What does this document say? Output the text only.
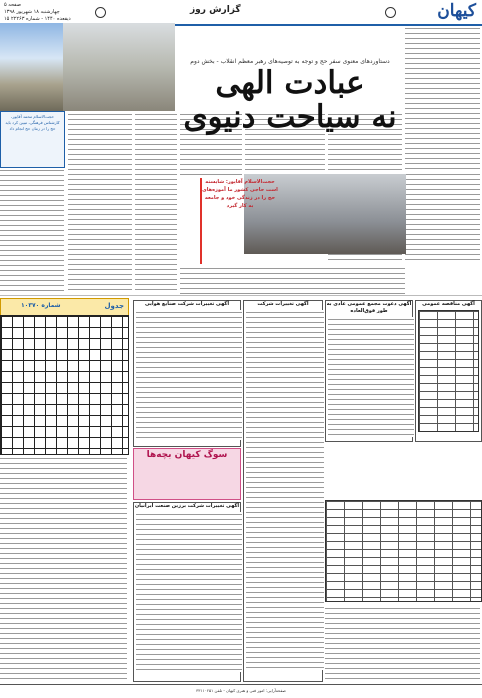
کیهان
گزارش روز
صفحه ۵
چهارشنبه ۱۸ شهریور ۱۳۹۸
۱۵ ذیقعده ۱۴۴۰ - شماره ۲۲۲۶۳
دستاوردهای معنوی سفر حج و توجه به توصیه‌های رهبر معظم انقلاب - بخش دوم
عبادت الهی
نه سیاحت دنیوی
حجت‌الاسلام محمد آقاپور، کارشناس فرهنگی، تبیین کرد باید حج را در زمان حج انجام داد
حجت‌الاسلام آقاپور: شایسته است حاجی کشور ما آموزه‌های حج را در زندگی خود و جامعه به کار گیرد
جدول
شماره ۱۰۳۷۰	آگهی تغییرات شرکت صنایع هوایی
سوگ کیهان بچه‌ها
آگهی تغییرات شرکت برزین صنعت ایرانیان
آگهی تغییرات شرکت	آگهی دعوت مجمع عمومی عادی به طور فوق‌العاده
آگهی مناقصه عمومی
صفحه‌آرایی: امور فنی و هنری کیهان - تلفن ۳۳۱۱۰۲۵۱
